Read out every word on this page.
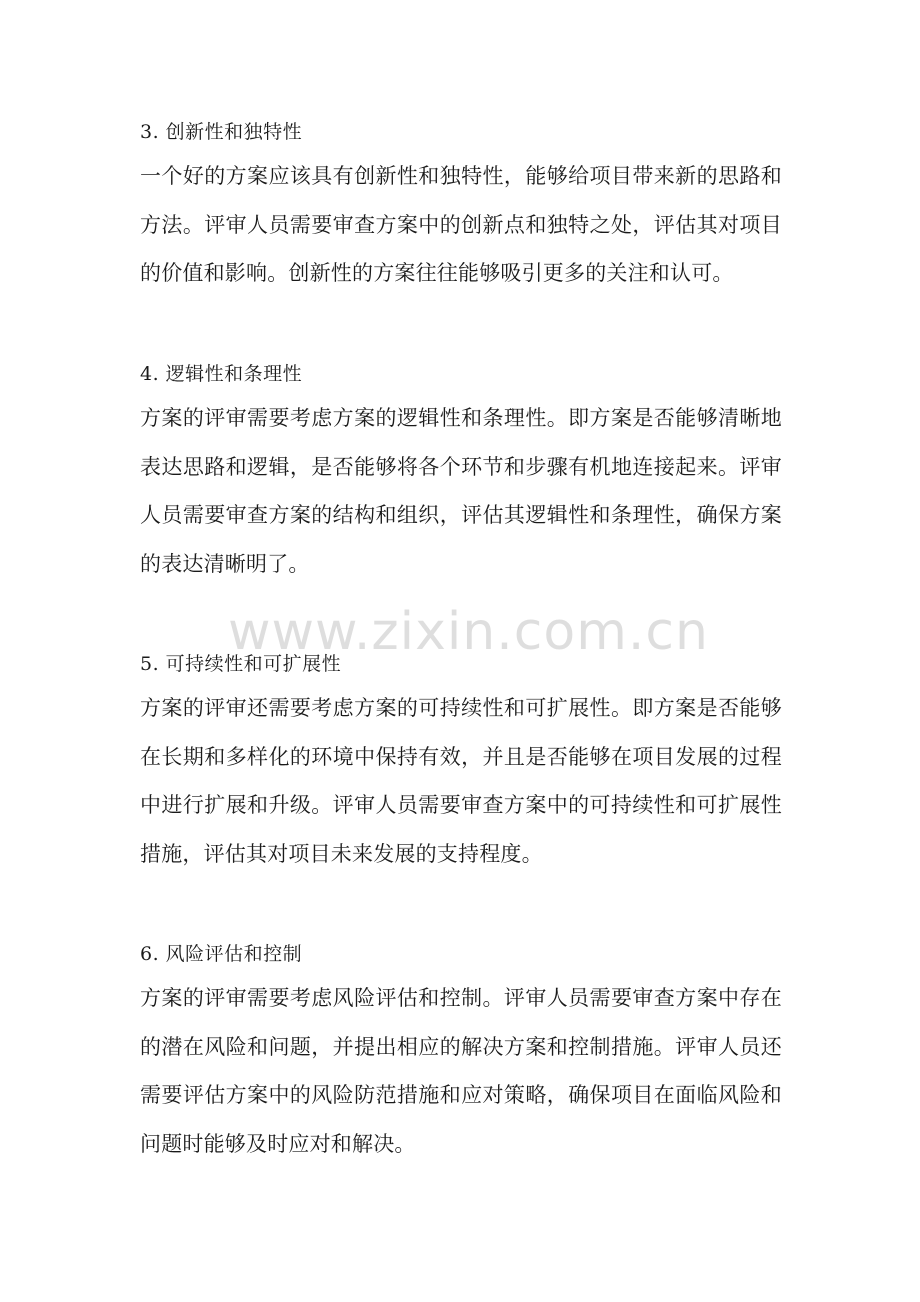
3. 创新性和独特性

一个好的方案应该具有创新性和独特性，能够给项目带来新的思路和方法。评审人员需要审查方案中的创新点和独特之处，评估其对项目的价值和影响。创新性的方案往往能够吸引更多的关注和认可。

4. 逻辑性和条理性

方案的评审需要考虑方案的逻辑性和条理性。即方案是否能够清晰地表达思路和逻辑，是否能够将各个环节和步骤有机地连接起来。评审人员需要审查方案的结构和组织，评估其逻辑性和条理性，确保方案的表达清晰明了。

5. 可持续性和可扩展性

方案的评审还需要考虑方案的可持续性和可扩展性。即方案是否能够在长期和多样化的环境中保持有效，并且是否能够在项目发展的过程中进行扩展和升级。评审人员需要审查方案中的可持续性和可扩展性措施，评估其对项目未来发展的支持程度。

6. 风险评估和控制

方案的评审需要考虑风险评估和控制。评审人员需要审查方案中存在的潜在风险和问题，并提出相应的解决方案和控制措施。评审人员还需要评估方案中的风险防范措施和应对策略，确保项目在面临风险和问题时能够及时应对和解决。

www.zixin.com.cn
